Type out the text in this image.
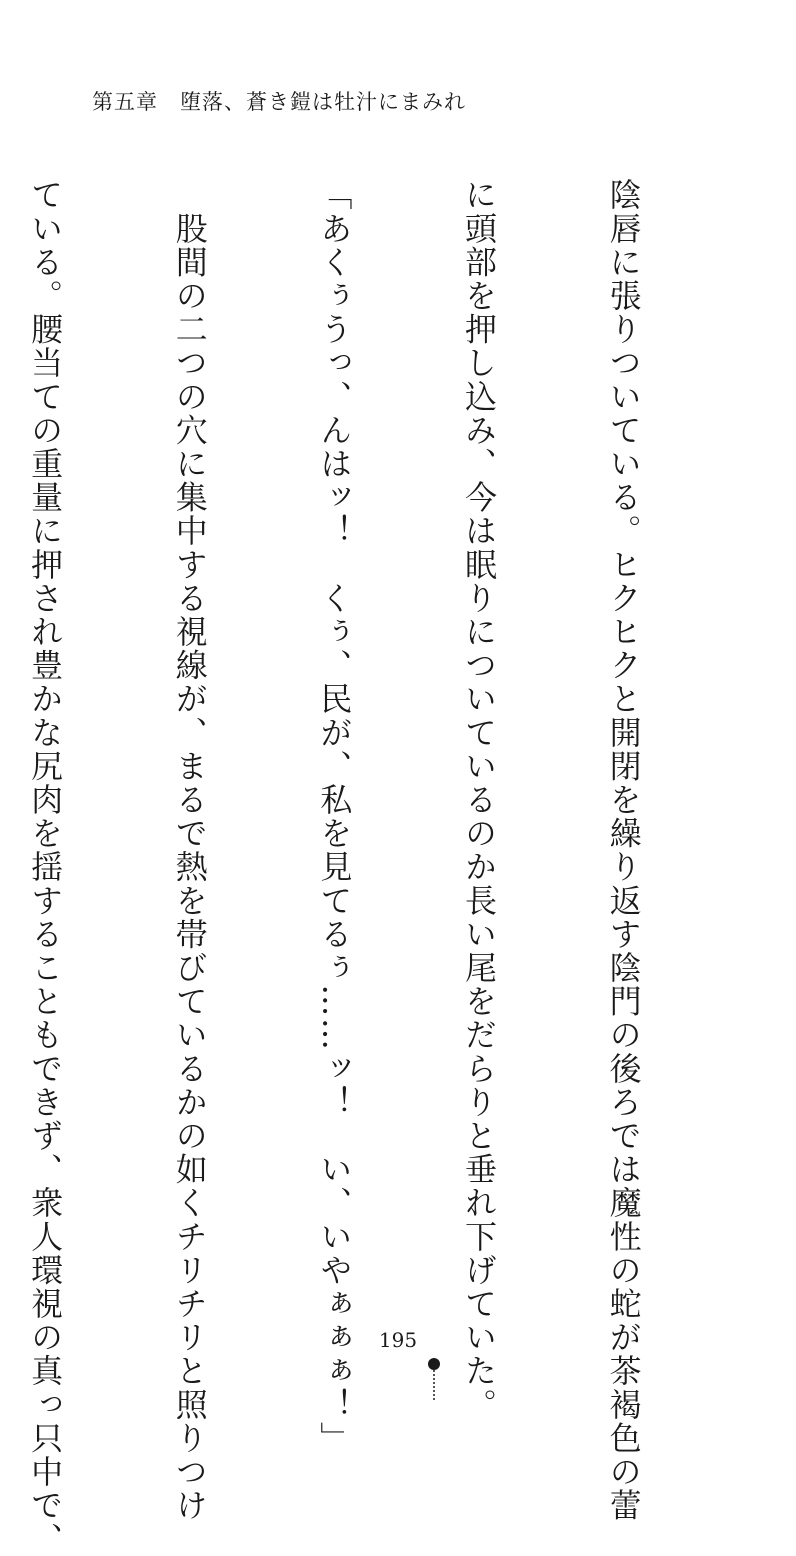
第五章　堕落、蒼き鎧は牡汁にまみれ

陰唇に張りついている。ヒクヒクと開閉を繰り返す陰門の後ろでは魔性の蛇が茶褐色の蕾

に頭部を押し込み、今は眠りについているのか長い尾をだらりと垂れ下げていた。

「あくぅうっ、んはッ！　くぅ、民が、私を見てるぅ……ッ！　い、いやぁぁぁ！」

　股間の二つの穴に集中する視線が、まるで熱を帯びているかの如くチリチリと照りつけ

ている。腰当ての重量に押され豊かな尻肉を揺することもできず、衆人環視の真っ只中で、

	195
